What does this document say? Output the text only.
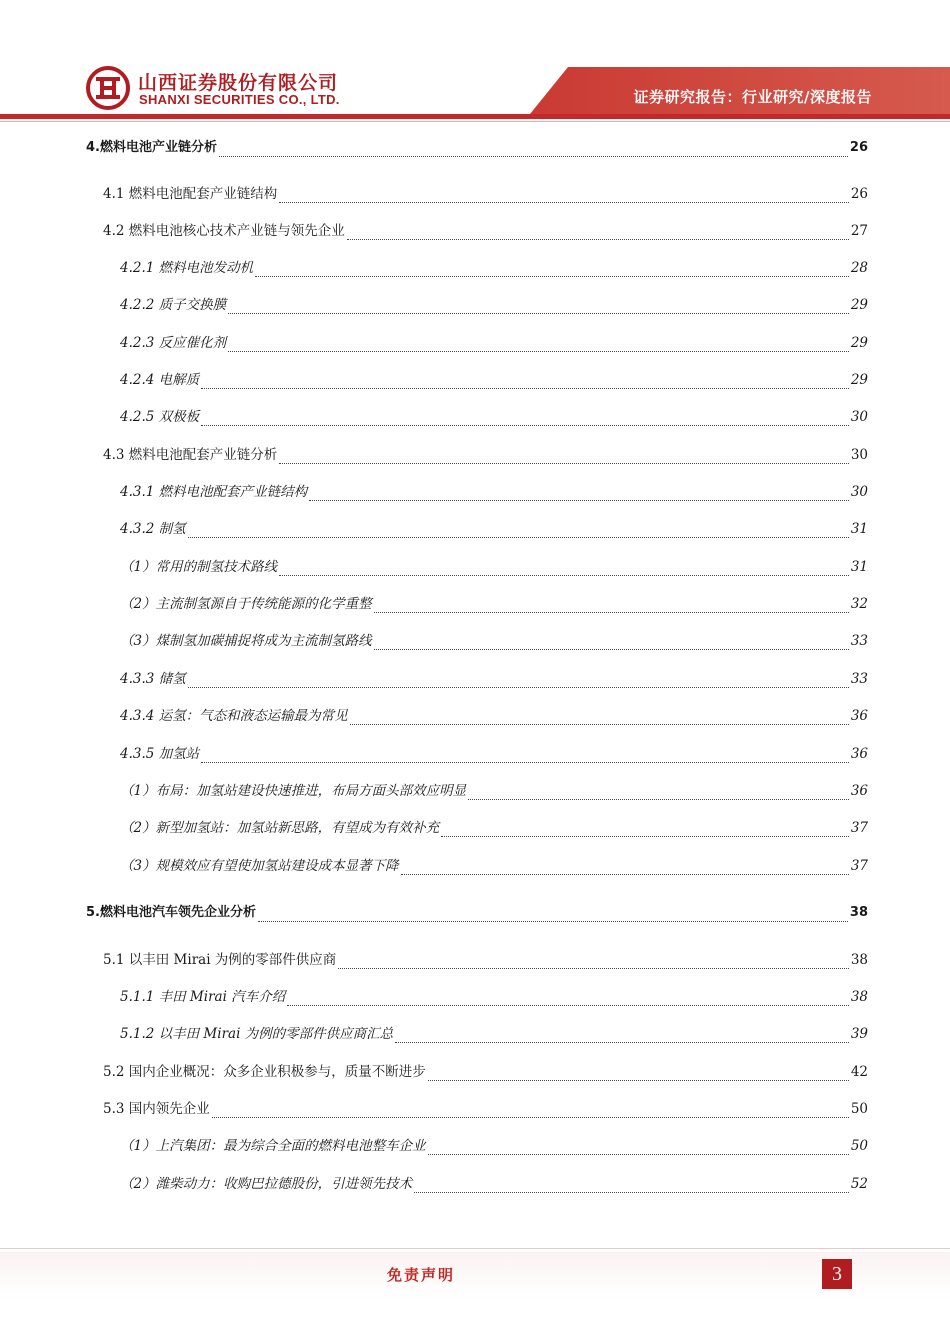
山西证券股份有限公司
SHANXI SECURITIES CO., LTD.	证券研究报告：行业研究/深度报告
4.燃料电池产业链分析	26
4.1 燃料电池配套产业链结构	26
4.2 燃料电池核心技术产业链与领先企业	27
4.2.1 燃料电池发动机	28
4.2.2 质子交换膜	29
4.2.3 反应催化剂	29
4.2.4 电解质	29
4.2.5 双极板	30
4.3 燃料电池配套产业链分析	30
4.3.1 燃料电池配套产业链结构	30
4.3.2 制氢	31
（1）常用的制氢技术路线	31
（2）主流制氢源自于传统能源的化学重整	32
（3）煤制氢加碳捕捉将成为主流制氢路线	33
4.3.3 储氢	33
4.3.4 运氢：气态和液态运输最为常见	36
4.3.5 加氢站	36
（1）布局：加氢站建设快速推进，布局方面头部效应明显	36
（2）新型加氢站：加氢站新思路，有望成为有效补充	37
（3）规模效应有望使加氢站建设成本显著下降	37
5.燃料电池汽车领先企业分析	38
5.1 以丰田 Mirai 为例的零部件供应商	38
5.1.1 丰田 Mirai 汽车介绍	38
5.1.2 以丰田 Mirai 为例的零部件供应商汇总	39
5.2 国内企业概况：众多企业积极参与，质量不断进步	42
5.3 国内领先企业	50
（1）上汽集团：最为综合全面的燃料电池整车企业	50
（2）潍柴动力：收购巴拉德股份，引进领先技术	52
免责声明	3
